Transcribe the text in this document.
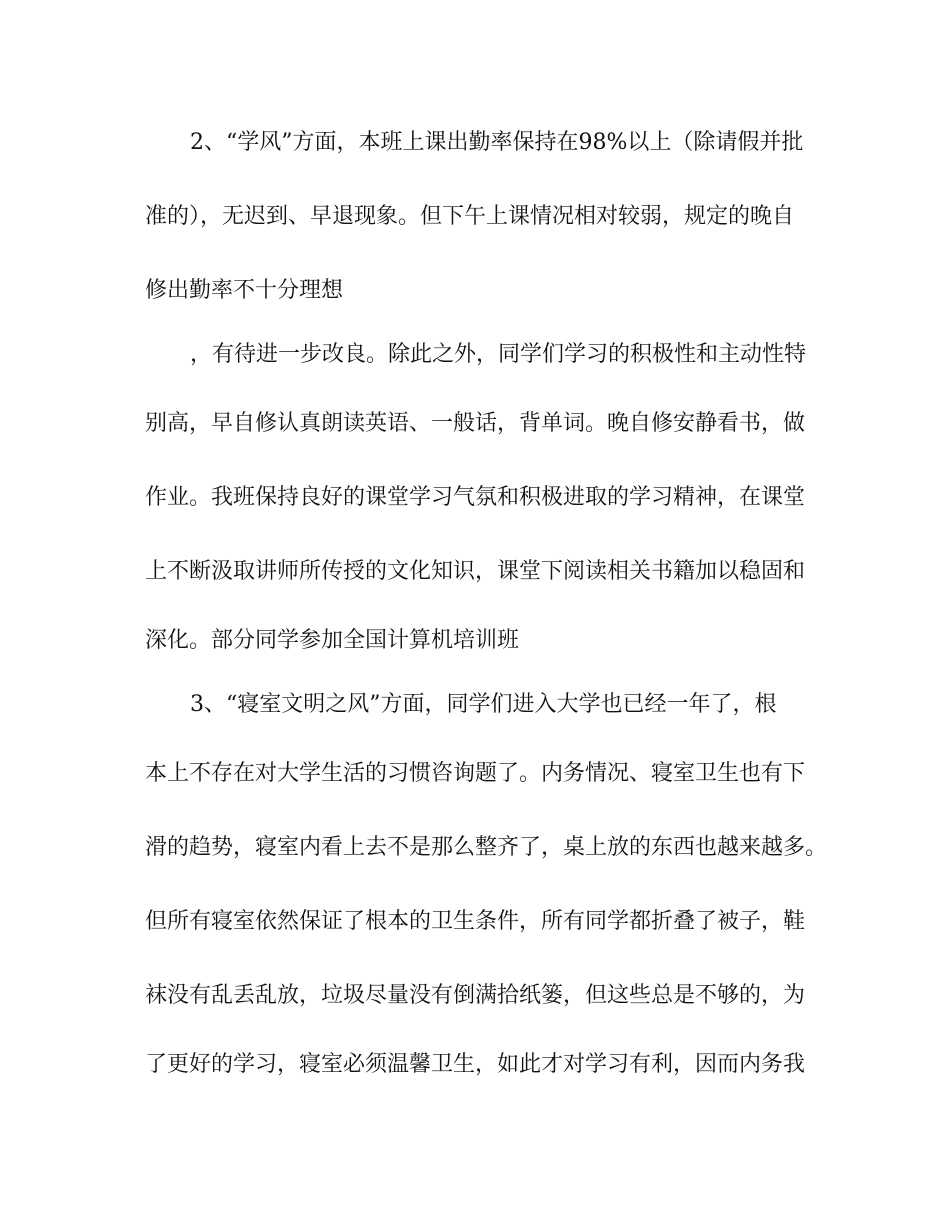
2、“学风”方面，本班上课出勤率保持在98%以上（除请假并批
准的），无迟到、早退现象。但下午上课情况相对较弱，规定的晚自
修出勤率不十分理想
，有待进一步改良。除此之外，同学们学习的积极性和主动性特
别高，早自修认真朗读英语、一般话，背单词。晚自修安静看书，做
作业。我班保持良好的课堂学习气氛和积极进取的学习精神，在课堂
上不断汲取讲师所传授的文化知识，课堂下阅读相关书籍加以稳固和
深化。部分同学参加全国计算机培训班
3、“寝室文明之风”方面，同学们进入大学也已经一年了，根
本上不存在对大学生活的习惯咨询题了。内务情况、寝室卫生也有下
滑的趋势，寝室内看上去不是那么整齐了，桌上放的东西也越来越多。
但所有寝室依然保证了根本的卫生条件，所有同学都折叠了被子，鞋
袜没有乱丢乱放，垃圾尽量没有倒满拾纸篓，但这些总是不够的，为
了更好的学习，寝室必须温馨卫生，如此才对学习有利，因而内务我
